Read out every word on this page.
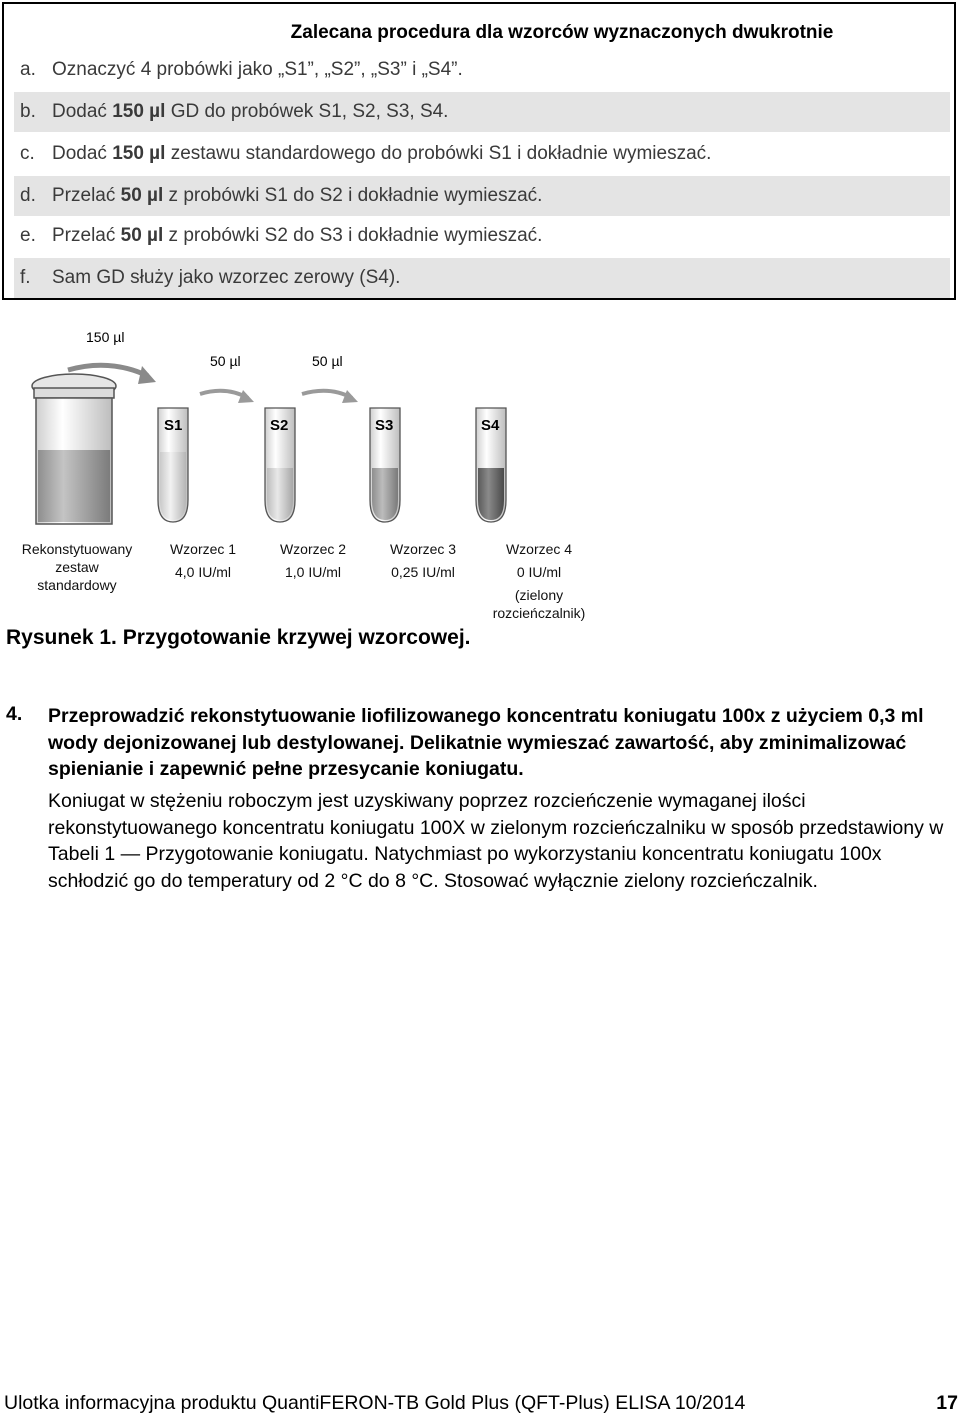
Zalecana procedura dla wzorców wyznaczonych dwukrotnie
a. Oznaczyć 4 probówki jako „S1”, „S2”, „S3” i „S4”.
b. Dodać 150 µl GD do probówek S1, S2, S3, S4.
c. Dodać 150 µl zestawu standardowego do probówki S1 i dokładnie wymieszać.
d. Przelać 50 µl z probówki S1 do S2 i dokładnie wymieszać.
e. Przelać 50 µl z probówki S2 do S3 i dokładnie wymieszać.
f. Sam GD służy jako wzorzec zerowy (S4).
150 µl
50 µl	50 µl
S1	S2	S3	S4
Rekonstytuowany
zestaw
standardowy
Wzorzec 1
4,0 IU/ml
Wzorzec 2
1,0 IU/ml
Wzorzec 3
0,25 IU/ml
Wzorzec 4
0 IU/ml
(zielony rozcieńczalnik)
Rysunek 1. Przygotowanie krzywej wzorcowej.
4. Przeprowadzić rekonstytuowanie liofilizowanego koncentratu koniugatu 100x z użyciem 0,3 ml wody dejonizowanej lub destylowanej. Delikatnie wymieszać zawartość, aby zminimalizować spienianie i zapewnić pełne przesycanie koniugatu.
Koniugat w stężeniu roboczym jest uzyskiwany poprzez rozcieńczenie wymaganej ilości rekonstytuowanego koncentratu koniugatu 100X w zielonym rozcieńczalniku w sposób przedstawiony w Tabeli 1 — Przygotowanie koniugatu. Natychmiast po wykorzystaniu koncentratu koniugatu 100x schłodzić go do temperatury od 2 °C do 8 °C. Stosować wyłącznie zielony rozcieńczalnik.
Ulotka informacyjna produktu QuantiFERON-TB Gold Plus (QFT-Plus) ELISA 10/2014	17
